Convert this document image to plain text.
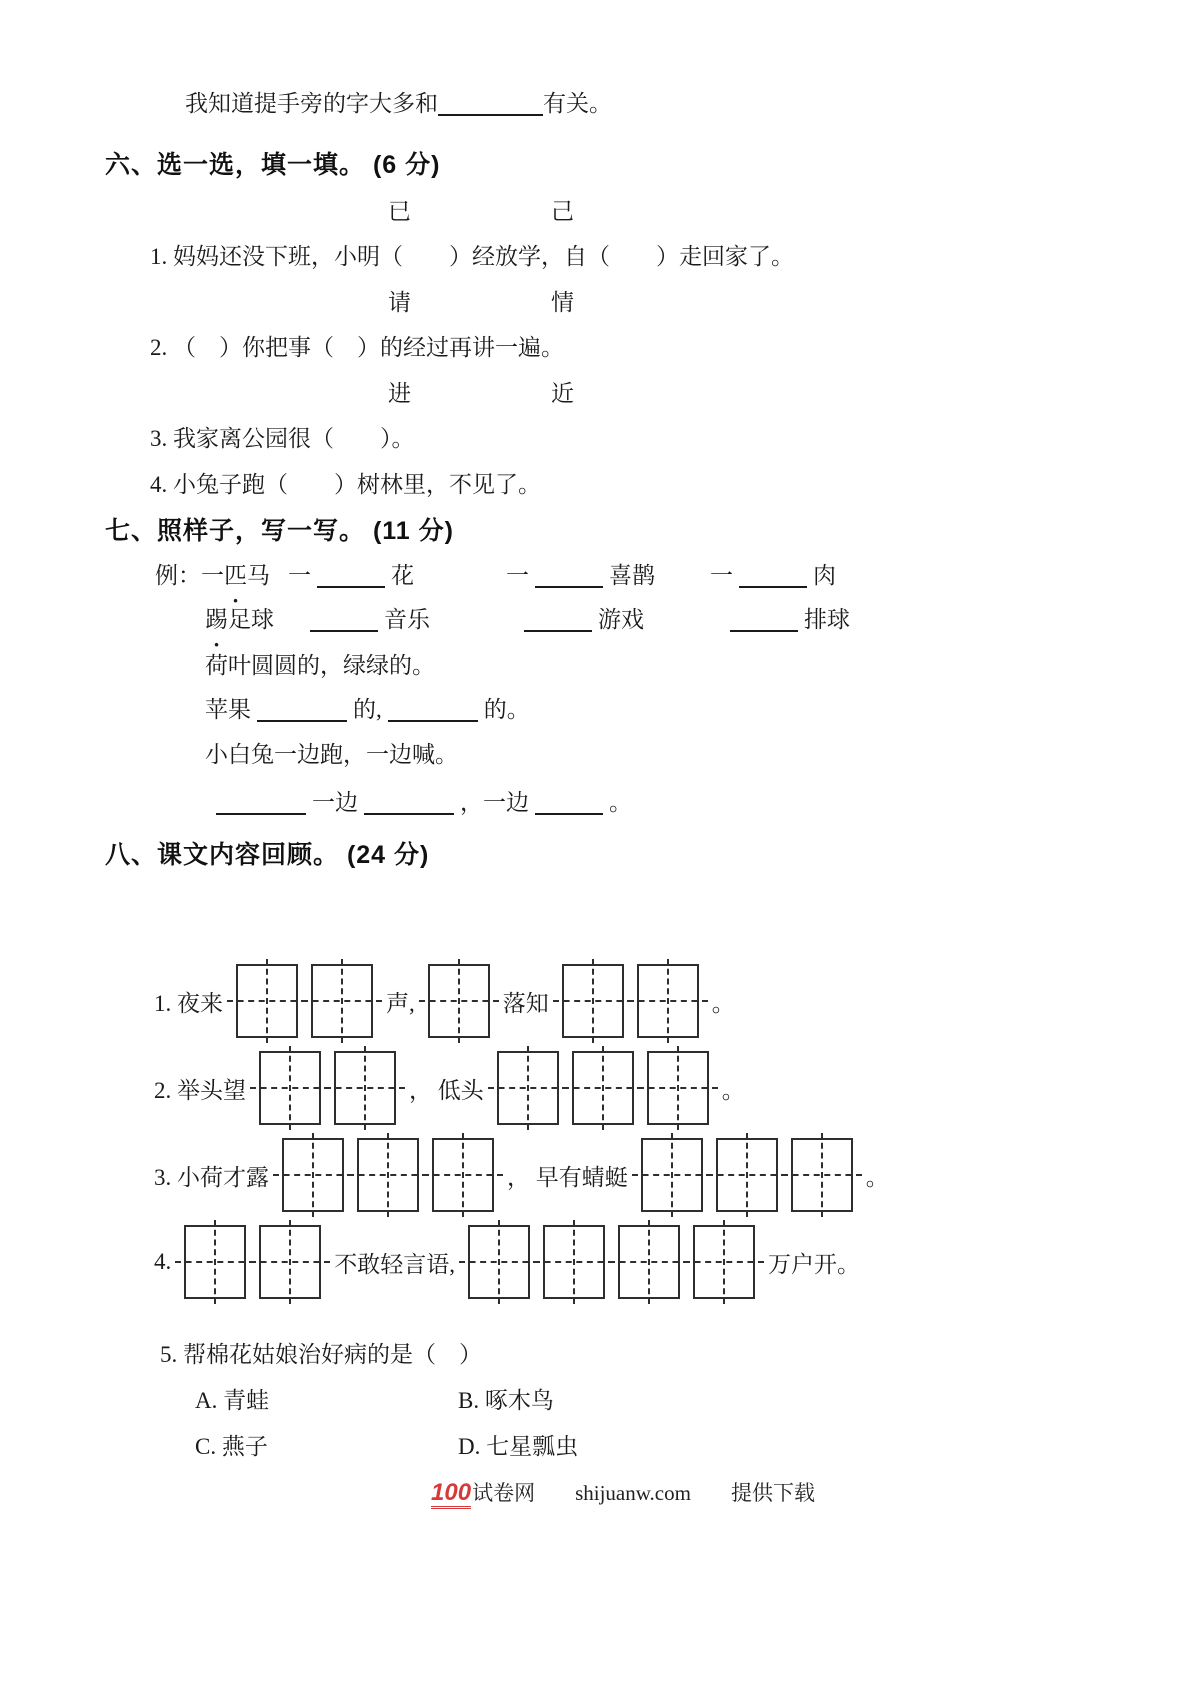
我知道提手旁的字大多和	有关。
六、选一选，填一填。 (6 分)
已	己
1. 妈妈还没下班，小明（　　）经放学，自（　　）走回家了。
请	情
2. （　）你把事（　）的经过再讲一遍。
进	近
3. 我家离公园很（　　）。
4. 小兔子跑（　　）树林里，不见了。
七、照样子，写一写。 (11 分)
例：一匹马 一	花	一	喜鹊 一	肉
踢足球	音乐	游戏	排球
荷叶圆圆的，绿绿的。
苹果	的,	的。
小白兔一边跑，一边喊。
一边	，一边	。
八、课文内容回顾。 (24 分)
1. 夜来	声,	落知	。
2. 举头望	， 低头	。
3. 小荷才露	， 早有蜻蜓	。
4.	不敢轻言语,	万户开。
5. 帮棉花姑娘治好病的是（　）
A. 青蛙	B. 啄木鸟
C. 燕子	D. 七星瓢虫
100 试卷网 shijuanw.com 提供下载
